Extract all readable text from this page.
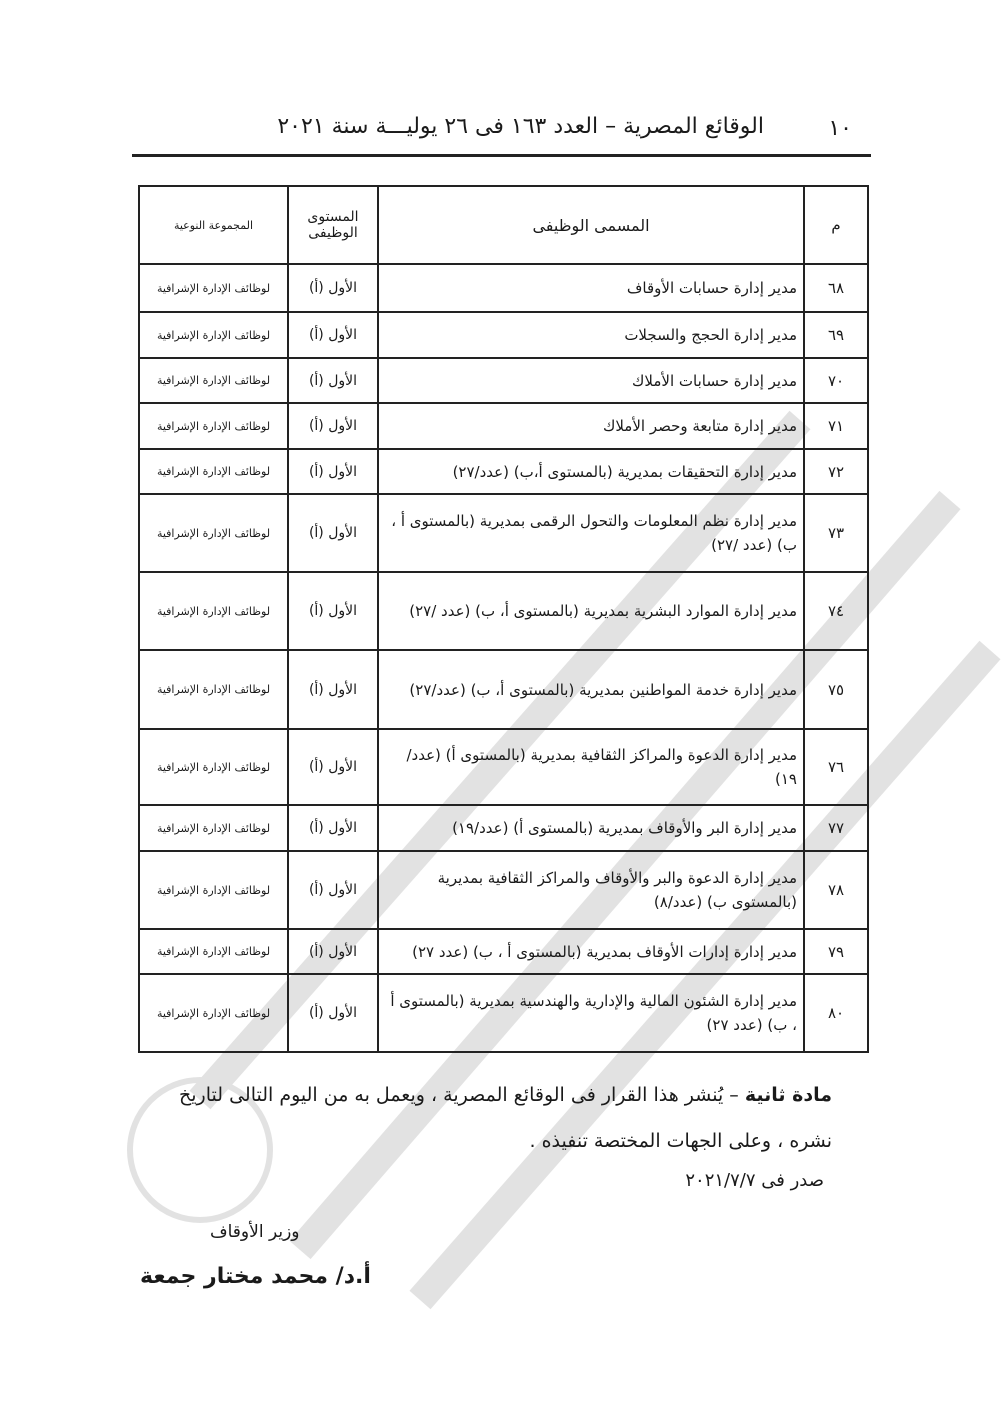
١٠
الوقائع المصرية – العدد ١٦٣ فى ٢٦ يوليـــة سنة ٢٠٢١
م	المسمى الوظيفى	المستوى الوظيفى	المجموعة النوعية
٦٨	مدير إدارة حسابات الأوقاف	الأول (أ)	لوظائف الإدارة الإشرافية
٦٩	مدير إدارة الحجج والسجلات	الأول (أ)	لوظائف الإدارة الإشرافية
٧٠	مدير إدارة حسابات الأملاك	الأول (أ)	لوظائف الإدارة الإشرافية
٧١	مدير إدارة متابعة وحصر الأملاك	الأول (أ)	لوظائف الإدارة الإشرافية
٧٢	مدير إدارة التحقيقات بمديرية (بالمستوى أ،ب) (عدد/٢٧)	الأول (أ)	لوظائف الإدارة الإشرافية
٧٣	مدير إدارة نظم المعلومات والتحول الرقمى بمديرية (بالمستوى أ ، ب) (عدد /٢٧)	الأول (أ)	لوظائف الإدارة الإشرافية
٧٤	مدير إدارة الموارد البشرية بمديرية (بالمستوى أ، ب) (عدد /٢٧)	الأول (أ)	لوظائف الإدارة الإشرافية
٧٥	مدير إدارة خدمة المواطنين بمديرية (بالمستوى أ، ب) (عدد/٢٧)	الأول (أ)	لوظائف الإدارة الإشرافية
٧٦	مدير إدارة الدعوة والمراكز الثقافية بمديرية (بالمستوى أ) (عدد/١٩)	الأول (أ)	لوظائف الإدارة الإشرافية
٧٧	مدير إدارة البر والأوقاف بمديرية (بالمستوى أ) (عدد/١٩)	الأول (أ)	لوظائف الإدارة الإشرافية
٧٨	مدير إدارة الدعوة والبر والأوقاف والمراكز الثقافية بمديرية (بالمستوى ب) (عدد/٨)	الأول (أ)	لوظائف الإدارة الإشرافية
٧٩	مدير إدارة إدارات الأوقاف بمديرية (بالمستوى أ ، ب) (عدد ٢٧)	الأول (أ)	لوظائف الإدارة الإشرافية
٨٠	مدير إدارة الشئون المالية والإدارية والهندسية بمديرية (بالمستوى أ ، ب) (عدد ٢٧)	الأول (أ)	لوظائف الإدارة الإشرافية
مادة ثانية – يُنشر هذا القرار فى الوقائع المصرية ، ويعمل به من اليوم التالى لتاريخ نشره ، وعلى الجهات المختصة تنفيذه .
صدر فى ٢٠٢١/٧/٧
وزير الأوقاف
أ.د/ محمد مختار جمعة
